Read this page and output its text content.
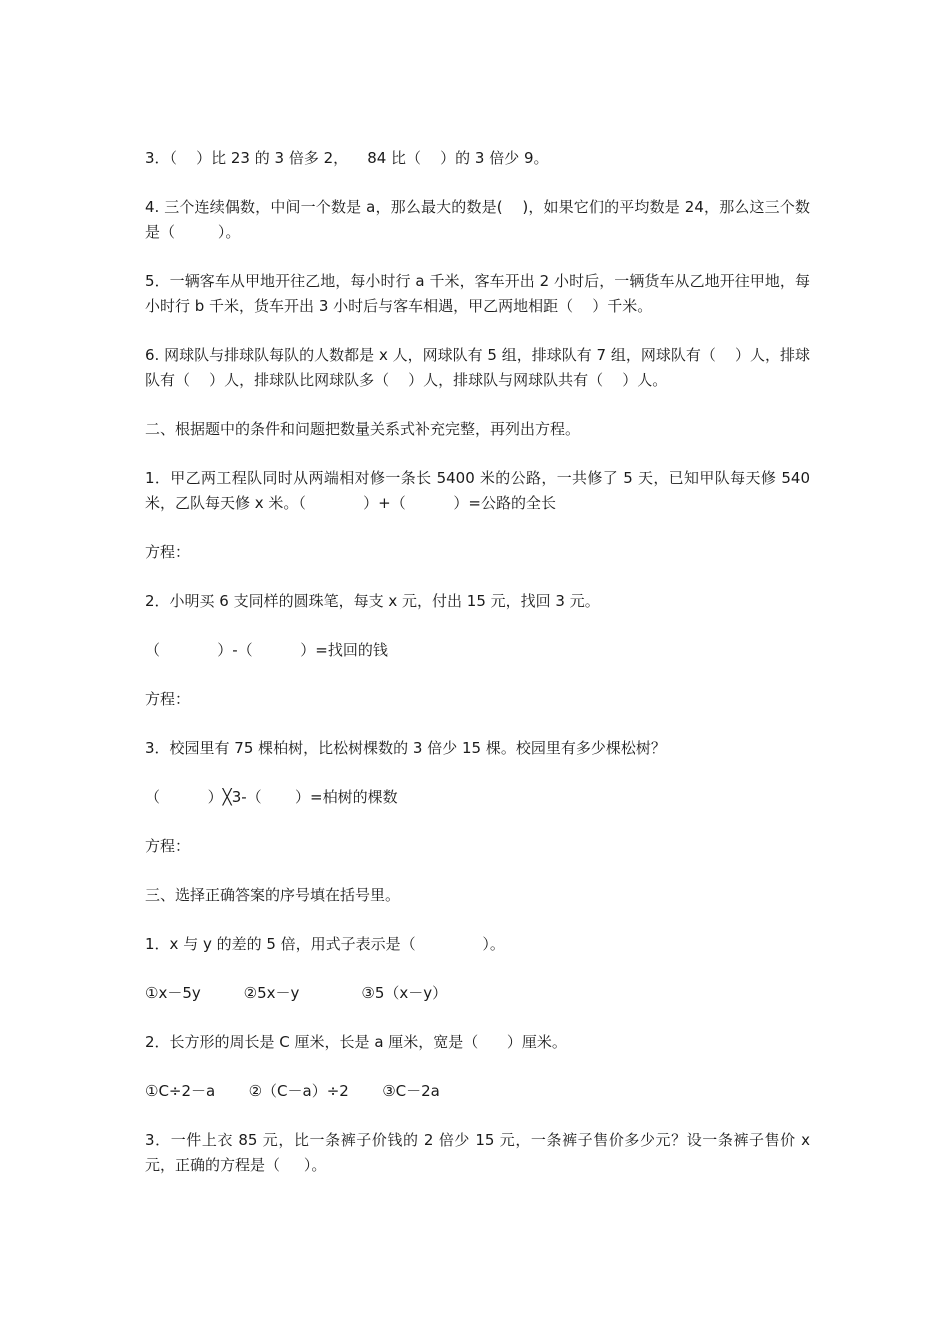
3．（    ）比 23 的 3 倍多 2，    84 比（    ）的 3 倍少 9。

4. 三个连续偶数，中间一个数是 a，那么最大的数是(    )，如果它们的平均数是 24，那么这三个数是（         ）。

5．一辆客车从甲地开往乙地，每小时行 a 千米，客车开出 2 小时后，一辆货车从乙地开往甲地，每小时行 b 千米，货车开出 3 小时后与客车相遇，甲乙两地相距（    ）千米。

6. 网球队与排球队每队的人数都是 x 人，网球队有 5 组，排球队有 7 组，网球队有（    ）人，排球队有（    ）人，排球队比网球队多（    ）人，排球队与网球队共有（    ）人。

二、根据题中的条件和问题把数量关系式补充完整，再列出方程。

1．甲乙两工程队同时从两端相对修一条长 5400 米的公路，一共修了 5 天，已知甲队每天修 540 米，乙队每天修 x 米。（            ）+（          ）=公路的全长

方程：

2．小明买 6 支同样的圆珠笔，每支 x 元，付出 15 元，找回 3 元。

（            ）-（          ）=找回的钱

方程：

3．校园里有 75 棵柏树，比松树棵数的 3 倍少 15 棵。校园里有多少棵松树？

（          ）╳3-（       ）=柏树的棵数

方程：

三、选择正确答案的序号填在括号里。

1．x 与 y 的差的 5 倍，用式子表示是（              ）。

①x－5y         ②5x－y             ③5（x－y）

2．长方形的周长是 C 厘米，长是 a 厘米，宽是（      ）厘米。

①C÷2－a       ②（C－a）÷2       ③C－2a

3．一件上衣 85 元，比一条裤子价钱的 2 倍少 15 元，一条裤子售价多少元？设一条裤子售价 x 元，正确的方程是（     ）。
